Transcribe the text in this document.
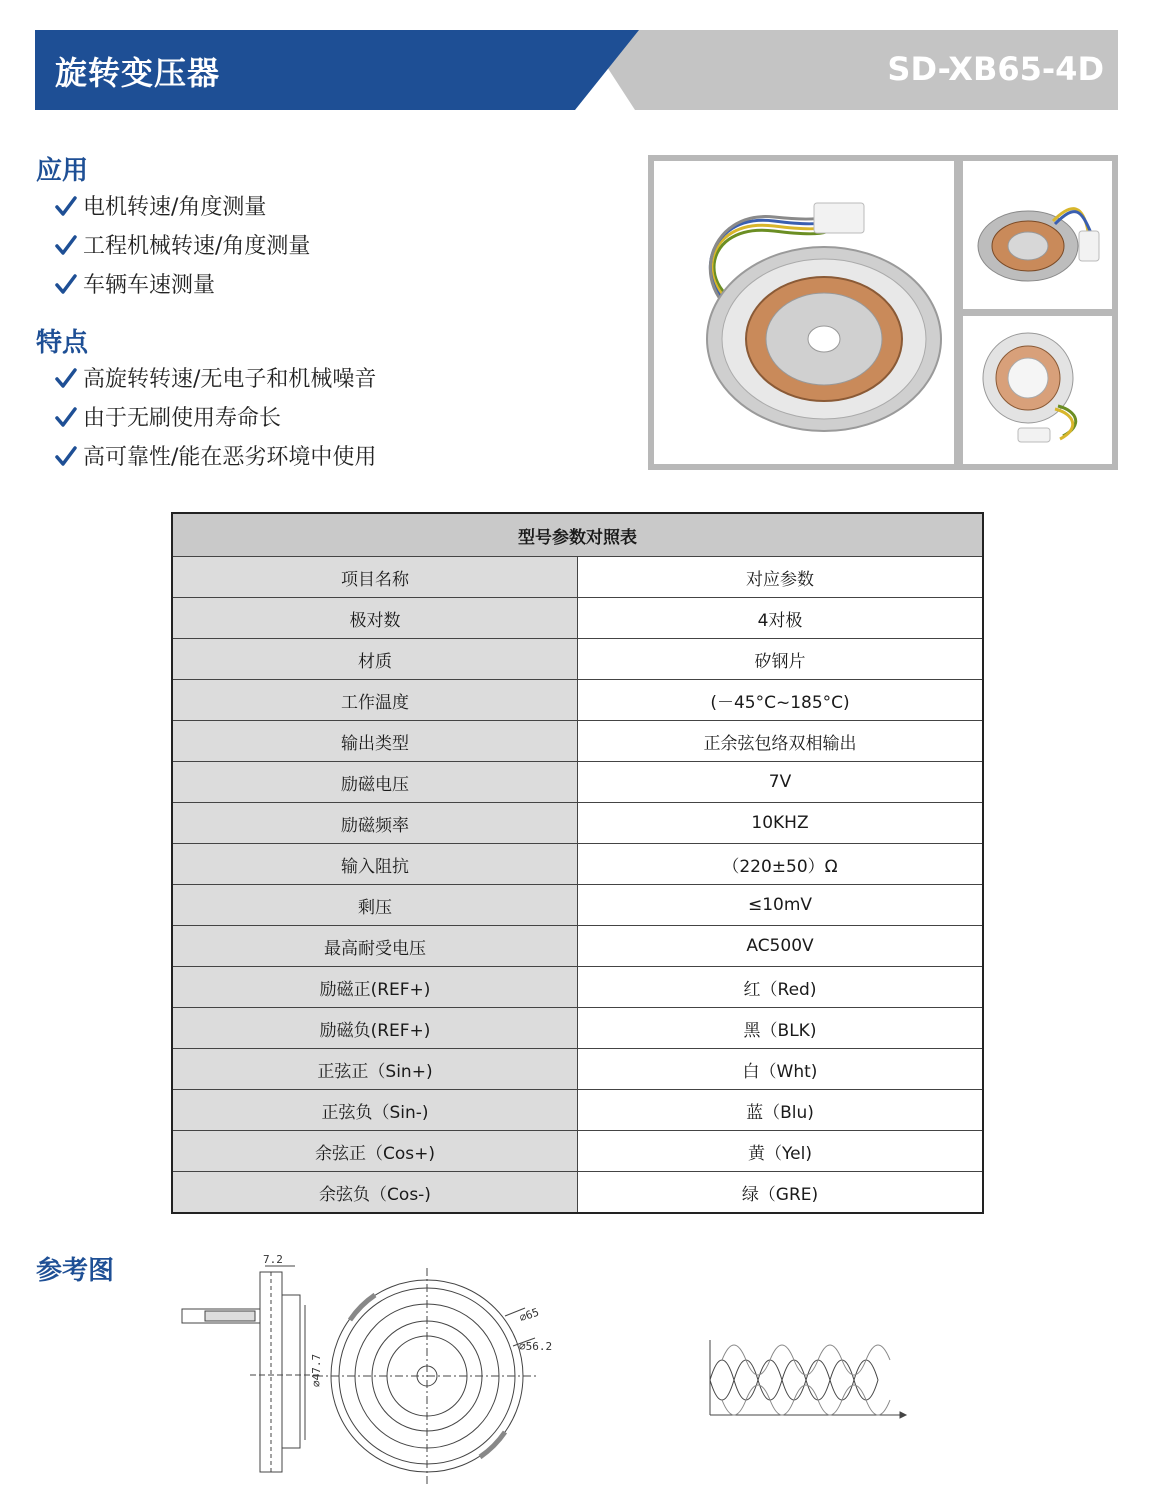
旋转变压器	SD-XB65-4D
应用
电机转速/角度测量
工程机械转速/角度测量
车辆车速测量
特点
高旋转转速/无电子和机械噪音
由于无刷使用寿命长
高可靠性/能在恶劣环境中使用
型号参数对照表	
项目名称	对应参数
极对数	4对极
材质	矽钢片
工作温度	(－45°C~185°C)
输出类型	正余弦包络双相输出
励磁电压	7V
励磁频率	10KHZ
输入阻抗	（220±50）Ω
剩压	≤10mV
最高耐受电压	AC500V
励磁正(REF+)	红（Red)
励磁负(REF+)	黑（BLK)
正弦正（Sin+)	白（Wht)
正弦负（Sin-)	蓝（Blu)
余弦正（Cos+)	黄（Yel)
余弦负（Cos-)	绿（GRE)
参考图	7.2
⌀47.7
⌀65
⌀56.2
